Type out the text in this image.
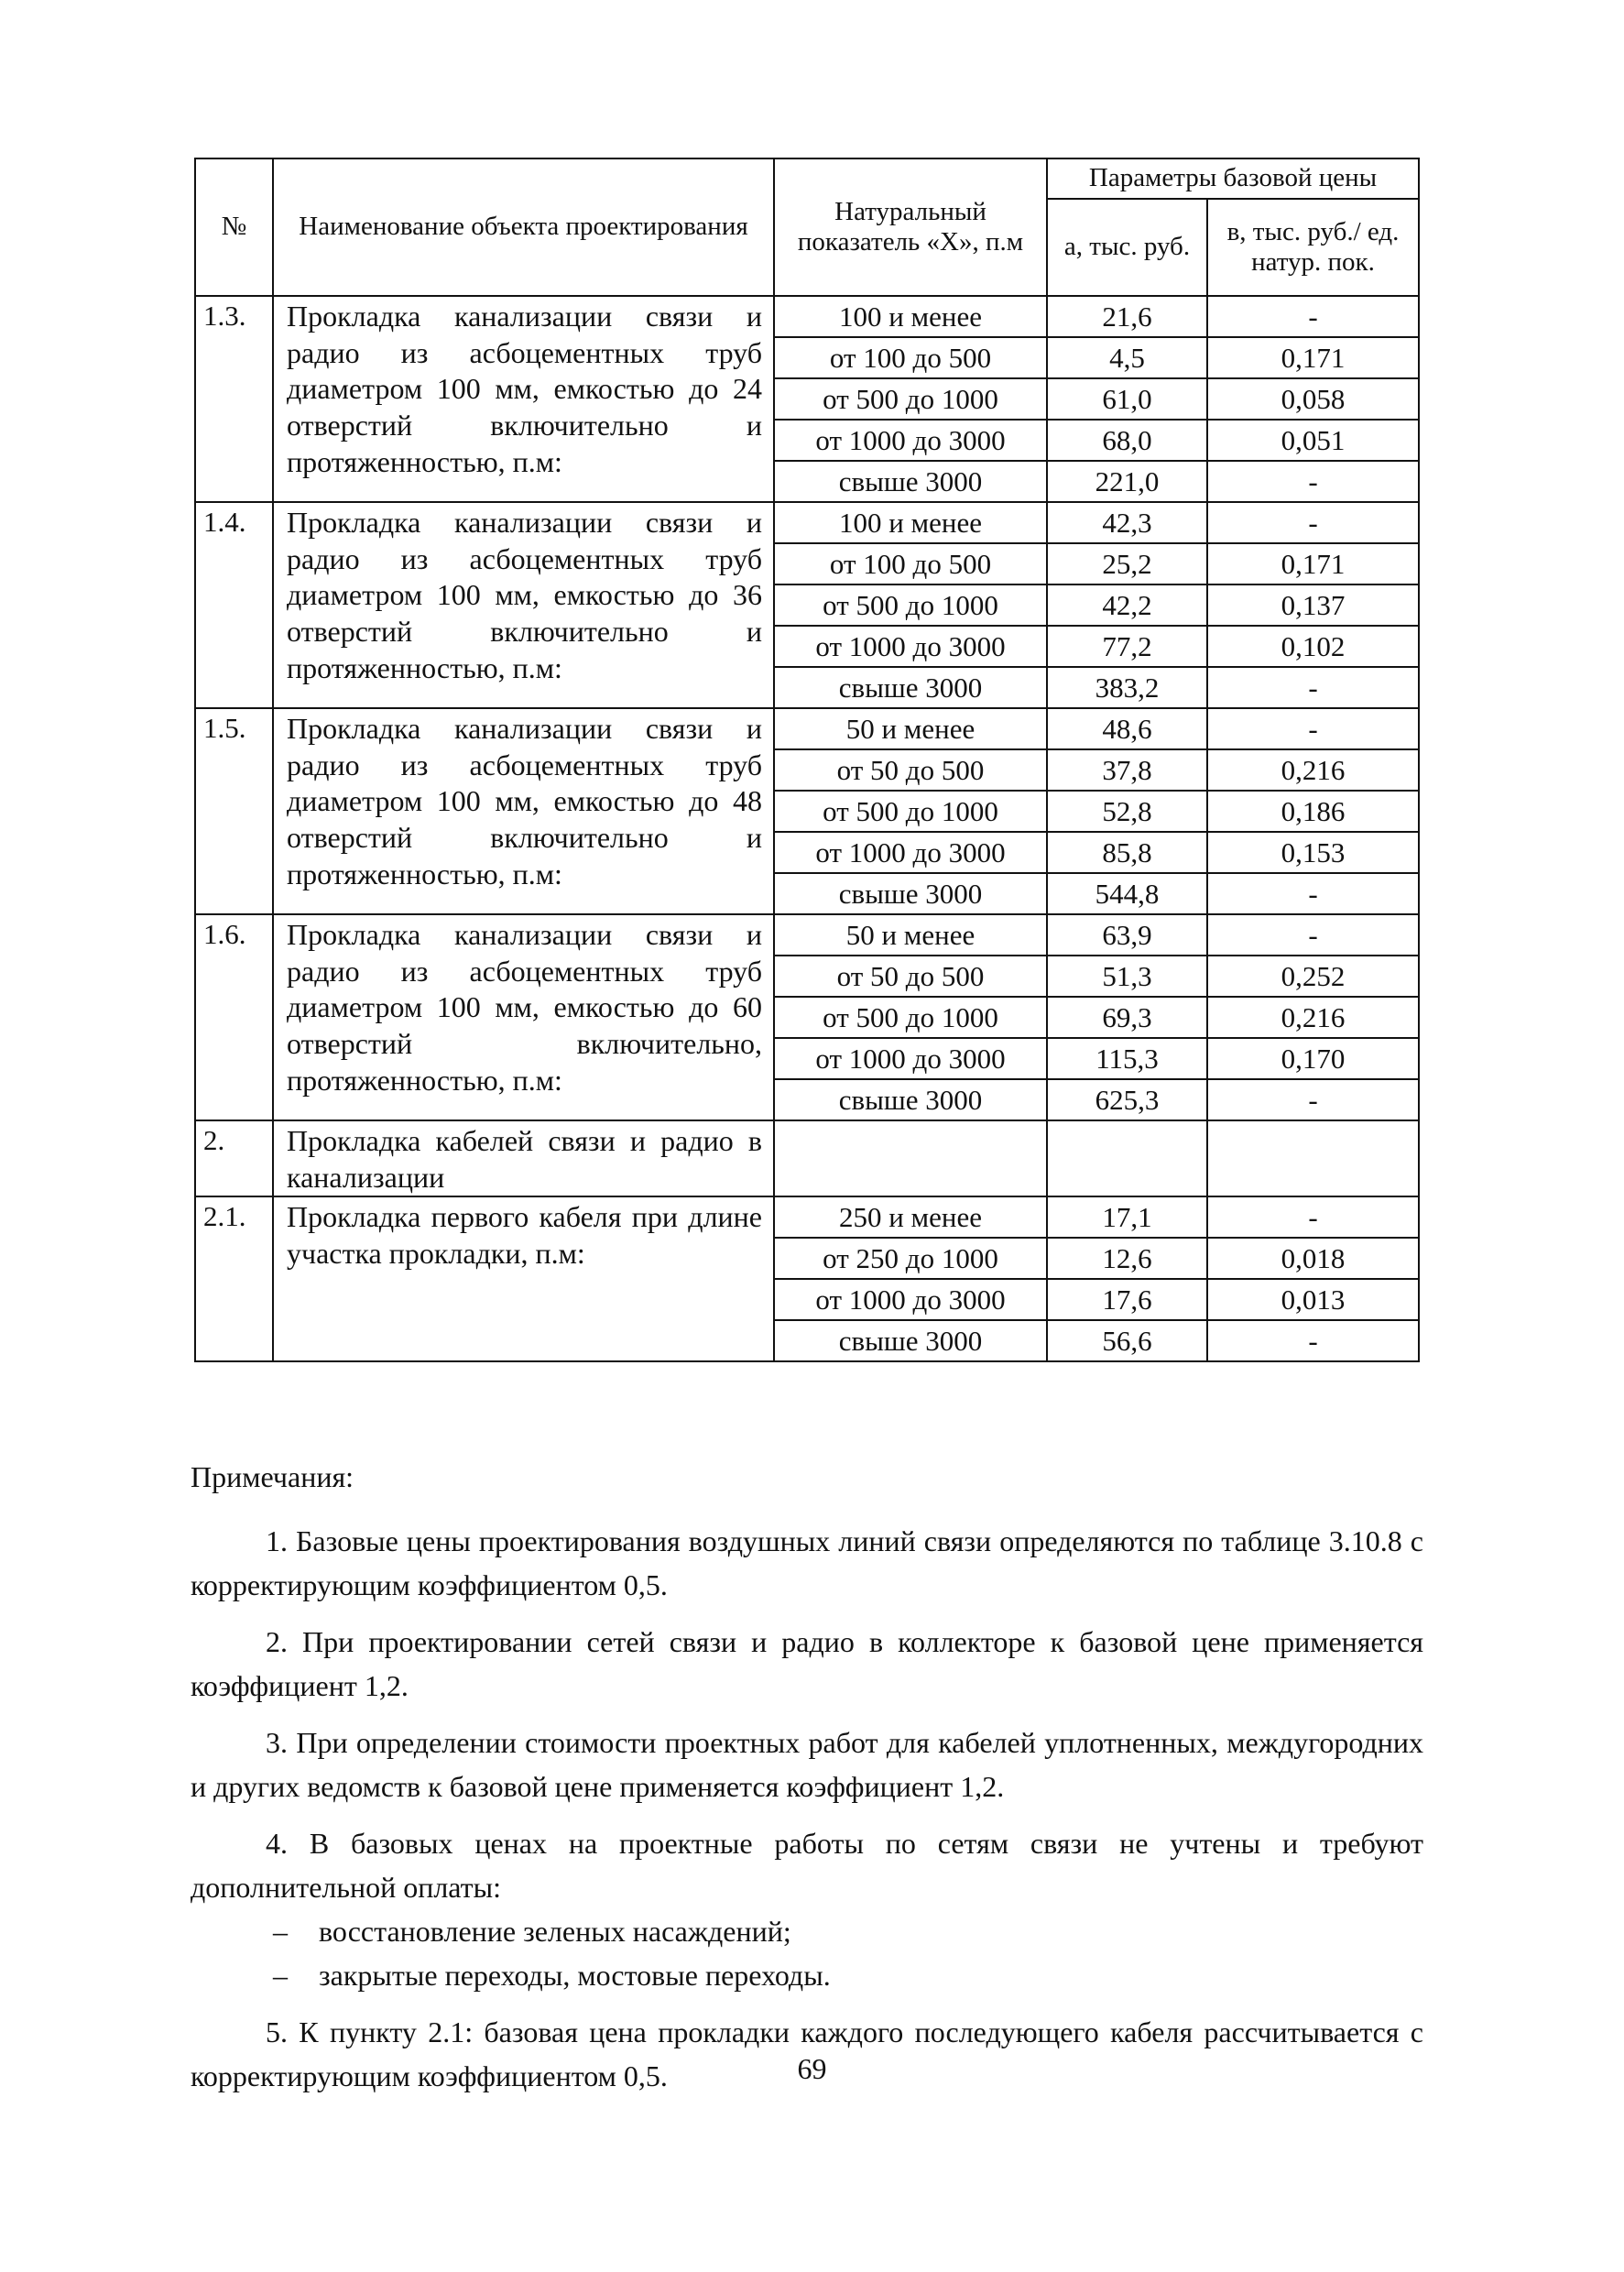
№	Наименование объекта проектирования	Натуральный показатель «X», п.м	Параметры базовой цены	
			а, тыс. руб.	в, тыс. руб./ ед. натур. пок.
1.3.	Прокладка канализации связи и радио из асбоцементных труб диаметром 100 мм, емкостью до 24 отверстий включительно и протяженностью, п.м:	100 и менее	21,6	-
		от 100 до 500	4,5	0,171
		от 500 до 1000	61,0	0,058
		от 1000 до 3000	68,0	0,051
		свыше 3000	221,0	-
1.4.	Прокладка канализации связи и радио из асбоцементных труб диаметром 100 мм, емкостью до 36 отверстий включительно и протяженностью, п.м:	100 и менее	42,3	-
		от 100 до 500	25,2	0,171
		от 500 до 1000	42,2	0,137
		от 1000 до 3000	77,2	0,102
		свыше 3000	383,2	-
1.5.	Прокладка канализации связи и радио из асбоцементных труб диаметром 100 мм, емкостью до 48 отверстий включительно и протяженностью, п.м:	50 и менее	48,6	-
		от 50 до 500	37,8	0,216
		от 500 до 1000	52,8	0,186
		от 1000 до 3000	85,8	0,153
		свыше 3000	544,8	-
1.6.	Прокладка канализации связи и радио из асбоцементных труб диаметром 100 мм, емкостью до 60 отверстий включительно, протяженностью, п.м:	50 и менее	63,9	-
		от 50 до 500	51,3	0,252
		от 500 до 1000	69,3	0,216
		от 1000 до 3000	115,3	0,170
		свыше 3000	625,3	-
2.	Прокладка кабелей связи и радио в канализации			
2.1.	Прокладка первого кабеля при длине участка прокладки, п.м:	250 и менее	17,1	-
		от 250 до 1000	12,6	0,018
		от 1000 до 3000	17,6	0,013
		свыше 3000	56,6	-
Примечания:
1. Базовые цены проектирования воздушных линий связи определяются по таблице 3.10.8 с корректирующим коэффициентом 0,5.
2. При проектировании сетей связи и радио в коллекторе к базовой цене применяется коэффициент 1,2.
3. При определении стоимости проектных работ для кабелей уплотненных, междугородних и других ведомств к базовой цене применяется коэффициент 1,2.
4. В базовых ценах на проектные работы по сетям связи не учтены и требуют дополнительной оплаты:
– восстановление зеленых насаждений;
– закрытые переходы, мостовые переходы.
5. К пункту 2.1: базовая цена прокладки каждого последующего кабеля рассчитывается с корректирующим коэффициентом 0,5.	69
